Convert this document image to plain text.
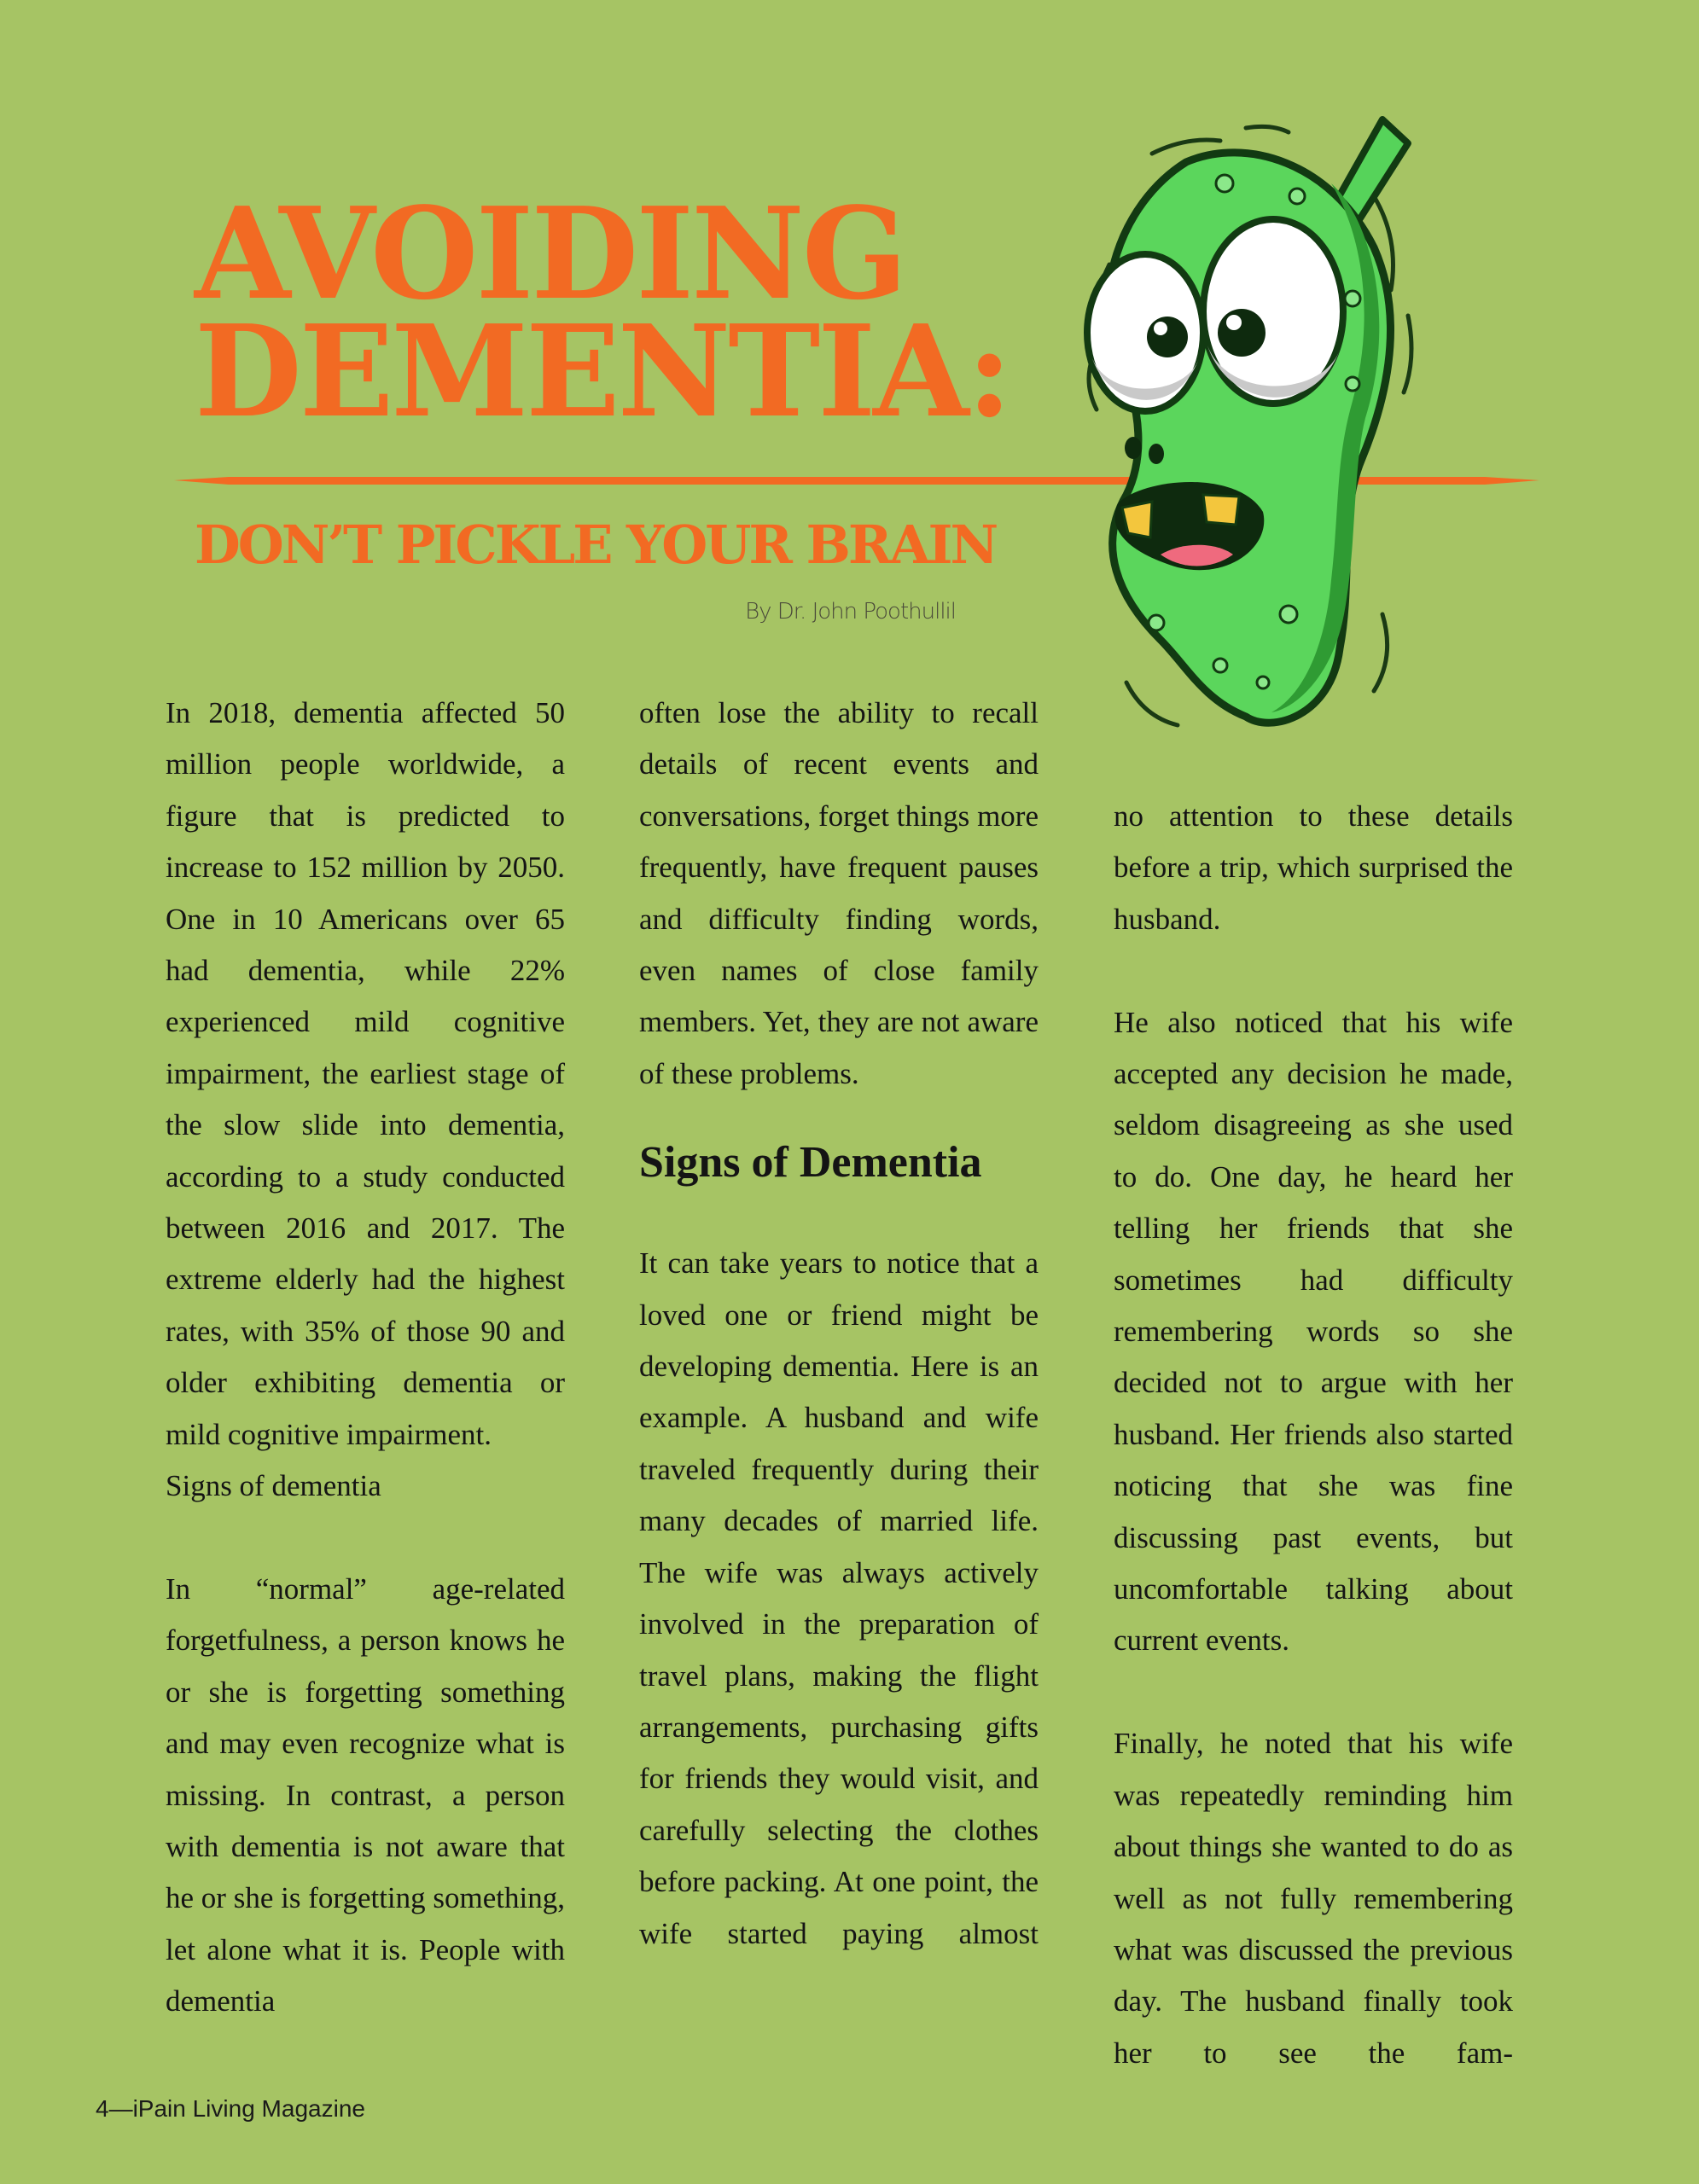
AVOIDING
DEMENTIA:
DON’T PICKLE YOUR BRAIN
By Dr. John Poothullil

In 2018, dementia affected 50 million people worldwide, a figure that is predicted to increase to 152 million by 2050. One in 10 Americans over 65 had dementia, while 22% experienced mild cognitive impairment, the earliest stage of the slow slide into dementia, according to a study conducted between 2016 and 2017. The extreme elderly had the highest rates, with 35% of those 90 and older exhibiting dementia or mild cognitive impairment.

Signs of dementia

In “normal” age-related forgetfulness, a person knows he or she is forgetting something and may even recognize what is missing. In contrast, a person with dementia is not aware that he or she is forgetting something, let alone what it is. People with dementia

often lose the ability to recall details of recent events and conversations, forget things more frequently, have frequent pauses and difficulty finding words, even names of close family members. Yet, they are not aware of these problems.

Signs of Dementia

It can take years to notice that a loved one or friend might be developing dementia. Here is an example. A husband and wife traveled frequently during their many decades of married life. The wife was always actively involved in the preparation of travel plans, making the flight arrangements, purchasing gifts for friends they would visit, and carefully selecting the clothes before packing. At one point, the wife started paying almost

no attention to these details before a trip, which surprised the husband.

He also noticed that his wife accepted any decision he made, seldom disagreeing as she used to do. One day, he heard her telling her friends that she sometimes had difficulty remembering words so she decided not to argue with her husband. Her friends also started noticing that she was fine discussing past events, but uncomfortable talking about current events.

Finally, he noted that his wife was repeatedly reminding him about things she wanted to do as well as not fully remembering what was discussed the previous day. The husband finally took her to see the fam-

4—iPain Living Magazine
